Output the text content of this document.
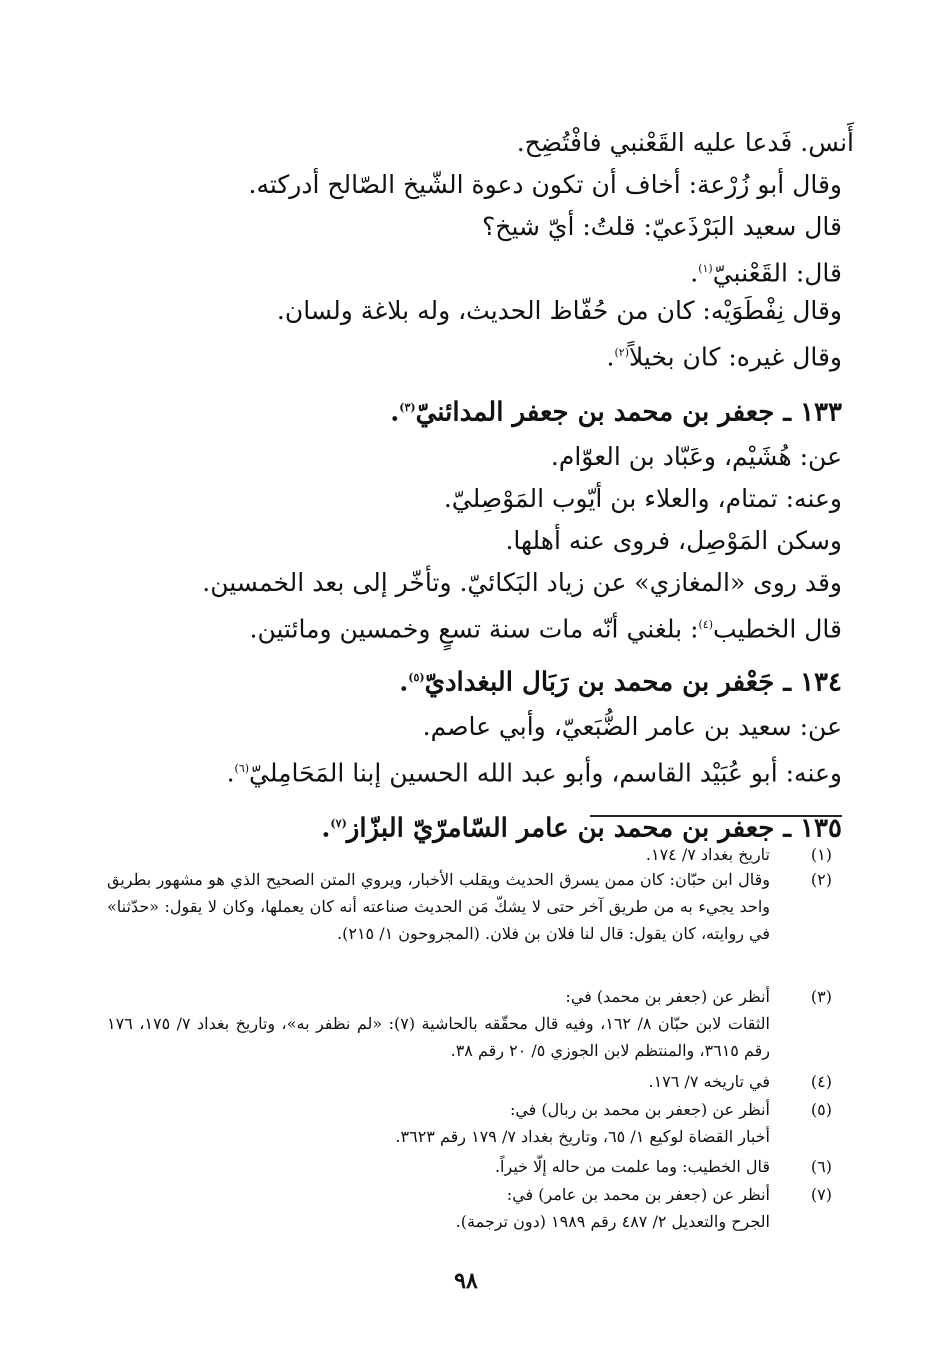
أَنس. فَدعا عليه القَعْنبي فافْتُضِح.
وقال أبو زُرْعة: أخاف أن تكون دعوة الشّيخ الصّالح أدركته.
قال سعيد البَرْذَعيّ: قلتُ: أيّ شيخ؟
قال: القَعْنبيّ$^{(١)}$.
وقال نِفْطَوَيْه: كان من حُفّاظ الحديث، وله بلاغة ولسان.
وقال غيره: كان بخيلاً$^{(٢)}$.
١٣٣ ـ جعفر بن محمد بن جعفر المدائنيّ$^{(٣)}$.
عن: هُشَيْم، وعَبّاد بن العوّام.
وعنه: تمتام، والعلاء بن أيّوب المَوْصِليّ.
وسكن المَوْصِل، فروى عنه أهلها.
وقد روى «المغازي» عن زياد البَكائيّ. وتأخّر إلى بعد الخمسين.
قال الخطيب$^{(٤)}$: بلغني أنّه مات سنة تسعٍ وخمسين ومائتين.
١٣٤ ـ جَعْفر بن محمد بن رَبَال البغداديّ$^{(٥)}$.
عن: سعيد بن عامر الضُّبَعيّ، وأبي عاصم.
وعنه: أبو عُبَيْد القاسم، وأبو عبد الله الحسين إبنا المَحَامِليّ$^{(٦)}$.
١٣٥ ـ جعفر بن محمد بن عامر السّامرّيّ البزّاز$^{(٧)}$.
(١)
تاريخ بغداد ٧/ ١٧٤.
(٢)
وقال ابن حبّان: كان ممن يسرق الحديث ويقلب الأخبار، ويروي المتن الصحيح الذي هو مشهور بطريق واحد يجيء به من طريق آخر حتى لا يشكّ مَن الحديث صناعته أنه كان يعملها، وكان لا يقول: «حدّثنا» في روايته، كان يقول: قال لنا فلان بن فلان. (المجروحون ١/ ٢١٥).
(٣)
أنظر عن (جعفر بن محمد) في:
الثقات لابن حبّان ٨/ ١٦٢، وفيه قال محقّقه بالحاشية (٧): «لم نظفر به»، وتاريخ بغداد ٧/ ١٧٥، ١٧٦ رقم ٣٦١٥، والمنتظم لابن الجوزي ٥/ ٢٠ رقم ٣٨.
(٤)
في تاريخه ٧/ ١٧٦.
(٥)
أنظر عن (جعفر بن محمد بن ربال) في:
أخبار القضاة لوكيع ١/ ٦٥، وتاريخ بغداد ٧/ ١٧٩ رقم ٣٦٢٣.
(٦)
قال الخطيب: وما علمت من حاله إلّا خيراً.
(٧)
أنظر عن (جعفر بن محمد بن عامر) في:
الجرح والتعديل ٢/ ٤٨٧ رقم ١٩٨٩ (دون ترجمة).
٩٨
